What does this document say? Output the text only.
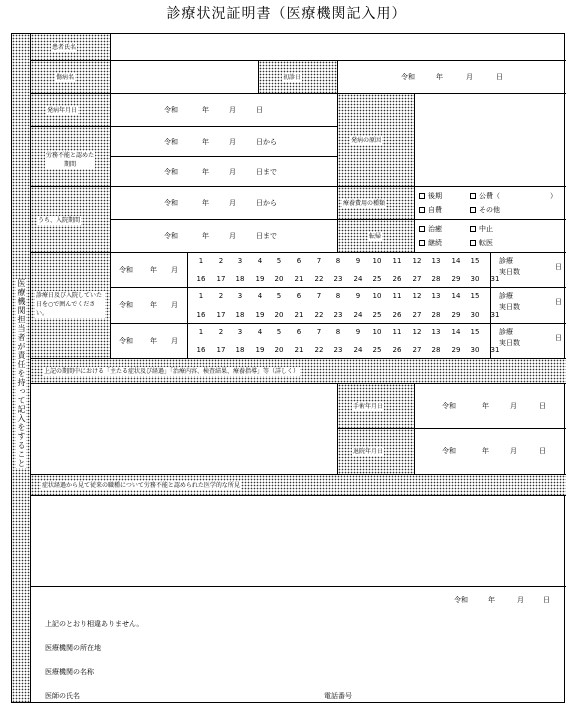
診療状況証明書（医療機関記入用）
医療機関担当者が責任を持って記入をすること
患者氏名
傷病名	初診日	令和	年	月	日
発病年月日	令和	年	月	日
発病の原因
労務不能と認めた期間
令和	年	月	日から
令和	年	月	日まで
うち、入院期間
令和	年	月	日から
令和	年	月	日まで
療養費用の種類
後期	公費（	）
自費	その他
転帰
治癒	中止
継続	転医
診療日及び入院していた日を○で囲んでください。
令和 年 月
1	2	3	4	5	6	7	8	9	10	11	12	13	14	15
16	17	18	19	20	21	22	23	24	25	26	27	28	29	30	31
診療
実日数
日
令和 年 月
1	2	3	4	5	6	7	8	9	10	11	12	13	14	15
16	17	18	19	20	21	22	23	24	25	26	27	28	29	30	31
診療
実日数
日
令和 年 月
1	2	3	4	5	6	7	8	9	10	11	12	13	14	15
16	17	18	19	20	21	22	23	24	25	26	27	28	29	30	31
診療
実日数
日
上記の期間中における「主たる症状及び経過」「治療内容、検査結果、療養指導」等（詳しく）
手術年月日	令和	年	月	日
退院年月日	令和	年	月	日
症状経過から見て従来の職種について労務不能と認められた医学的な所見
令和	年	月	日
上記のとおり相違ありません。
医療機関の所在地
医療機関の名称
医師の氏名	電話番号
